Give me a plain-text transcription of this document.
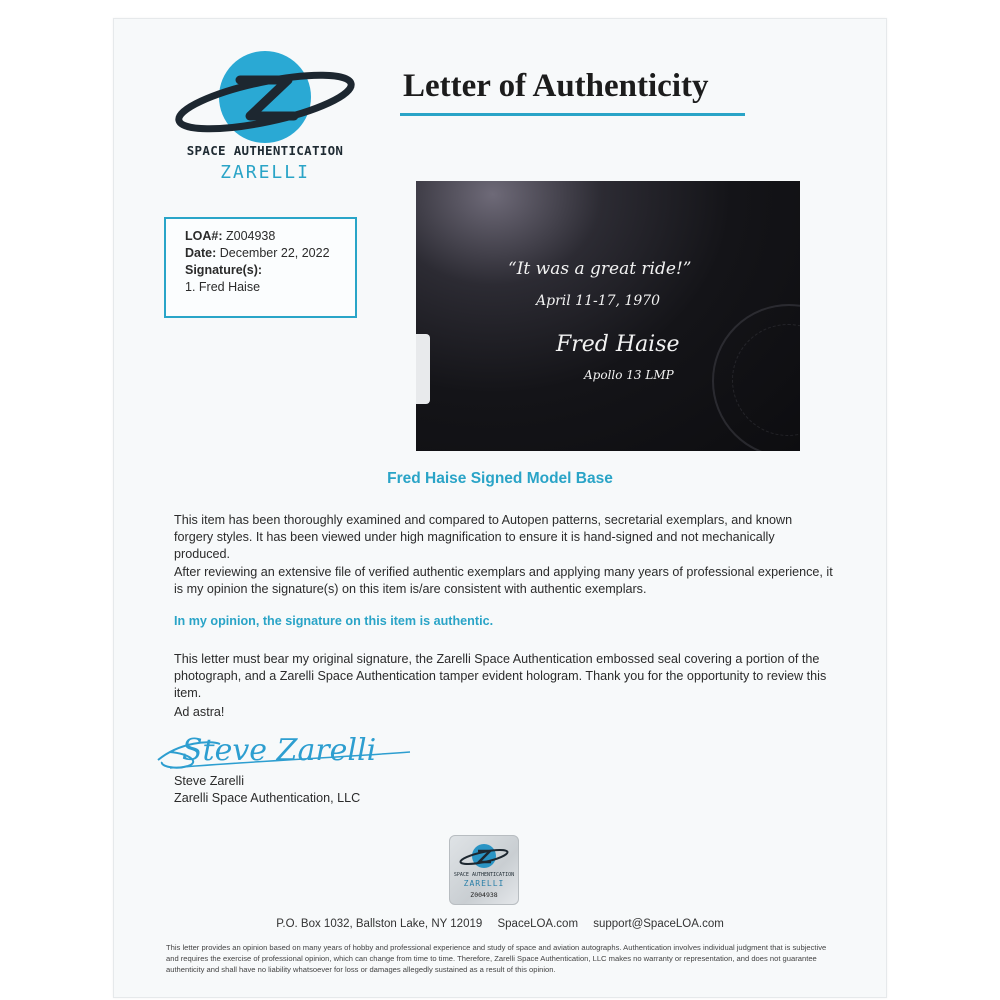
SPACE AUTHENTICATION
ZARELLI
Letter of Authenticity
LOA#: Z004938
Date: December 22, 2022
Signature(s):
1. Fred Haise
“It was a great ride!”
April 11-17, 1970
Fred Haise
Apollo 13 LMP
Fred Haise Signed Model Base
This item has been thoroughly examined and compared to Autopen patterns, secretarial exemplars, and known forgery styles. It has been viewed under high magnification to ensure it is hand-signed and not mechanically produced.
After reviewing an extensive file of verified authentic exemplars and applying many years of professional experience, it is my opinion the signature(s) on this item is/are consistent with authentic exemplars.
In my opinion, the signature on this item is authentic.
This letter must bear my original signature, the Zarelli Space Authentication embossed seal covering a portion of the photograph, and a Zarelli Space Authentication tamper evident hologram. Thank you for the opportunity to review this item.
Ad astra!
Steve Zarelli
Steve Zarelli
Zarelli Space Authentication, LLC
SPACE AUTHENTICATION
ZARELLI
Z004938
P.O. Box 1032, Ballston Lake, NY 12019 SpaceLOA.com support@SpaceLOA.com
This letter provides an opinion based on many years of hobby and professional experience and study of space and aviation autographs. Authentication involves individual judgment that is subjective and requires the exercise of professional opinion, which can change from time to time. Therefore, Zarelli Space Authentication, LLC makes no warranty or representation, and does not guarantee authenticity and shall have no liability whatsoever for loss or damages allegedly sustained as a result of this opinion.
